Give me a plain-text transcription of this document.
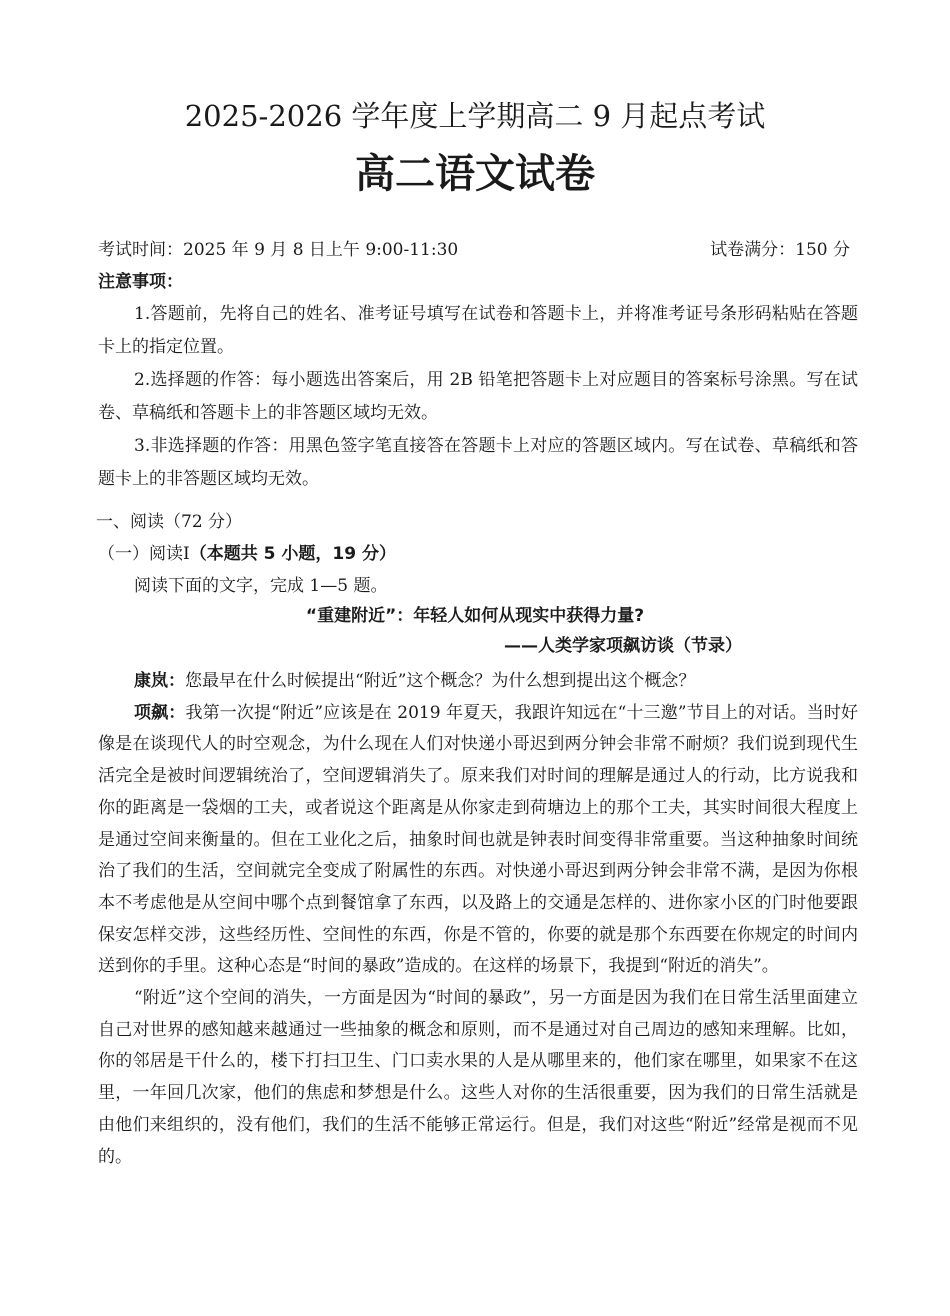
2025-2026 学年度上学期高二 9 月起点考试
高二语文试卷
考试时间：2025 年 9 月 8 日上午 9:00-11:30	试卷满分：150 分
注意事项：

1.答题前，先将自己的姓名、准考证号填写在试卷和答题卡上，并将准考证号条形码粘贴在答题卡上的指定位置。

2.选择题的作答：每小题选出答案后，用 2B 铅笔把答题卡上对应题目的答案标号涂黑。写在试卷、草稿纸和答题卡上的非答题区域均无效。

3.非选择题的作答：用黑色签字笔直接答在答题卡上对应的答题区域内。写在试卷、草稿纸和答题卡上的非答题区域均无效。

一、阅读（72 分）
（一）阅读Ⅰ（本题共 5 小题，19 分）
阅读下面的文字，完成 1—5 题。
“重建附近”：年轻人如何从现实中获得力量?
——人类学家项飙访谈（节录）

康岚：您最早在什么时候提出“附近”这个概念？为什么想到提出这个概念？

项飙：我第一次提“附近”应该是在 2019 年夏天，我跟许知远在“十三邀”节目上的对话。当时好像是在谈现代人的时空观念，为什么现在人们对快递小哥迟到两分钟会非常不耐烦？我们说到现代生活完全是被时间逻辑统治了，空间逻辑消失了。原来我们对时间的理解是通过人的行动，比方说我和你的距离是一袋烟的工夫，或者说这个距离是从你家走到荷塘边上的那个工夫，其实时间很大程度上是通过空间来衡量的。但在工业化之后，抽象时间也就是钟表时间变得非常重要。当这种抽象时间统治了我们的生活，空间就完全变成了附属性的东西。对快递小哥迟到两分钟会非常不满，是因为你根本不考虑他是从空间中哪个点到餐馆拿了东西，以及路上的交通是怎样的、进你家小区的门时他要跟保安怎样交涉，这些经历性、空间性的东西，你是不管的，你要的就是那个东西要在你规定的时间内送到你的手里。这种心态是“时间的暴政”造成的。在这样的场景下，我提到“附近的消失”。

“附近”这个空间的消失，一方面是因为“时间的暴政”，另一方面是因为我们在日常生活里面建立自己对世界的感知越来越通过一些抽象的概念和原则，而不是通过对自己周边的感知来理解。比如，你的邻居是干什么的，楼下打扫卫生、门口卖水果的人是从哪里来的，他们家在哪里，如果家不在这里，一年回几次家，他们的焦虑和梦想是什么。这些人对你的生活很重要，因为我们的日常生活就是由他们来组织的，没有他们，我们的生活不能够正常运行。但是，我们对这些“附近”经常是视而不见的。
